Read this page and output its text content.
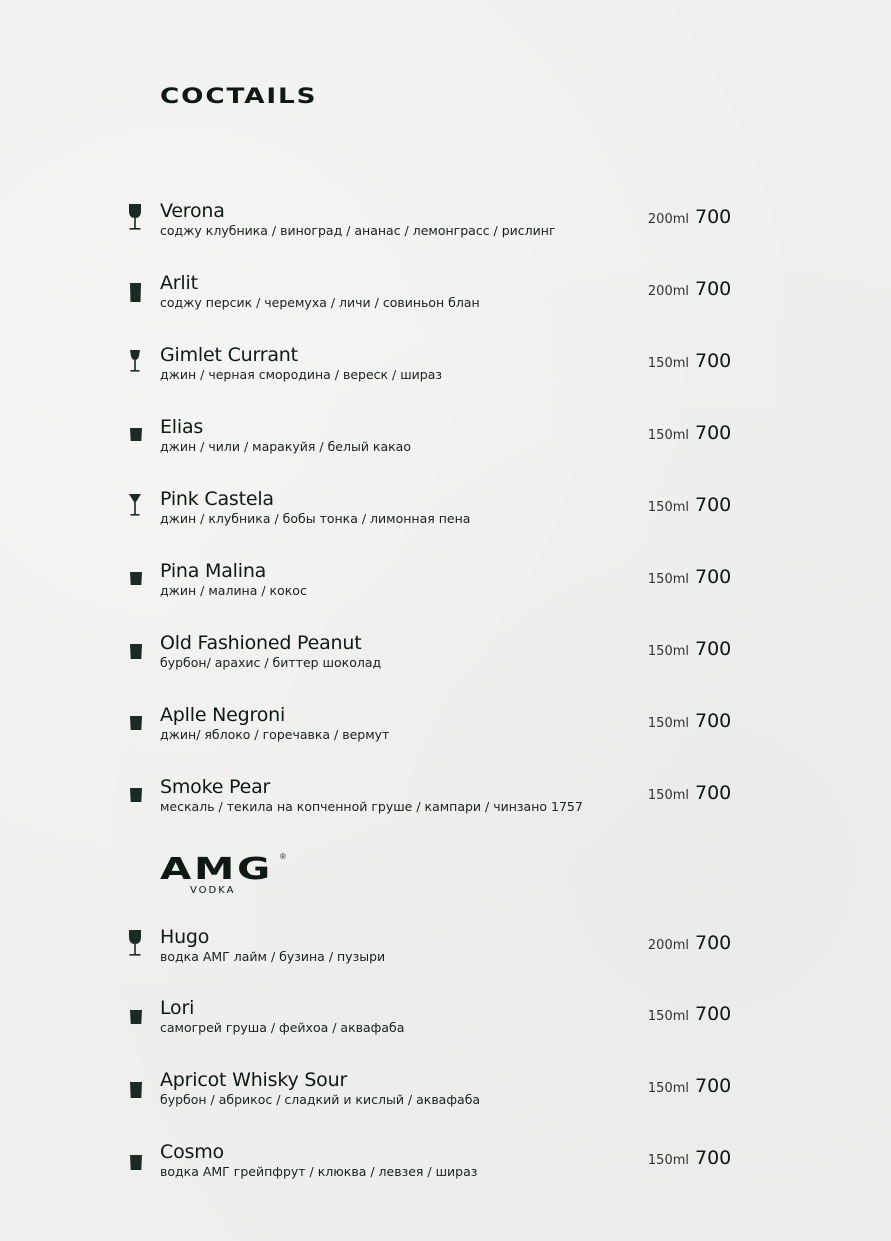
COCTAILS
Verona
соджу клубника / виноград / ананас / лемонграсс / рислинг
200ml 700
Arlit
соджу персик / черемуха / личи / совиньон блан
200ml 700
Gimlet Currant
джин / черная смородина / вереск / шираз
150ml 700
Elias
джин / чили / маракуйя / белый какао
150ml 700
Pink Castela
джин / клубника / бобы тонка / лимонная пена
150ml 700
Pina Malina
джин / малина / кокос
150ml 700
Old Fashioned Peanut
бурбон/ арахис / биттер шоколад
150ml 700
Aplle Negroni
джин/ яблоко / горечавка / вермут
150ml 700
Smoke Pear
мескаль / текила на копченной груше / кампари / чинзано 1757
150ml 700
AMG ®
VODKA
Hugo
водка АМГ лайм / бузина / пузыри
200ml 700
Lori
самогрей груша / фейхоа / аквафаба
150ml 700
Apricot Whisky Sour
бурбон / абрикос / сладкий и кислый / аквафаба
150ml 700
Cosmo
водка АМГ грейпфрут / клюква / левзея / шираз
150ml 700
